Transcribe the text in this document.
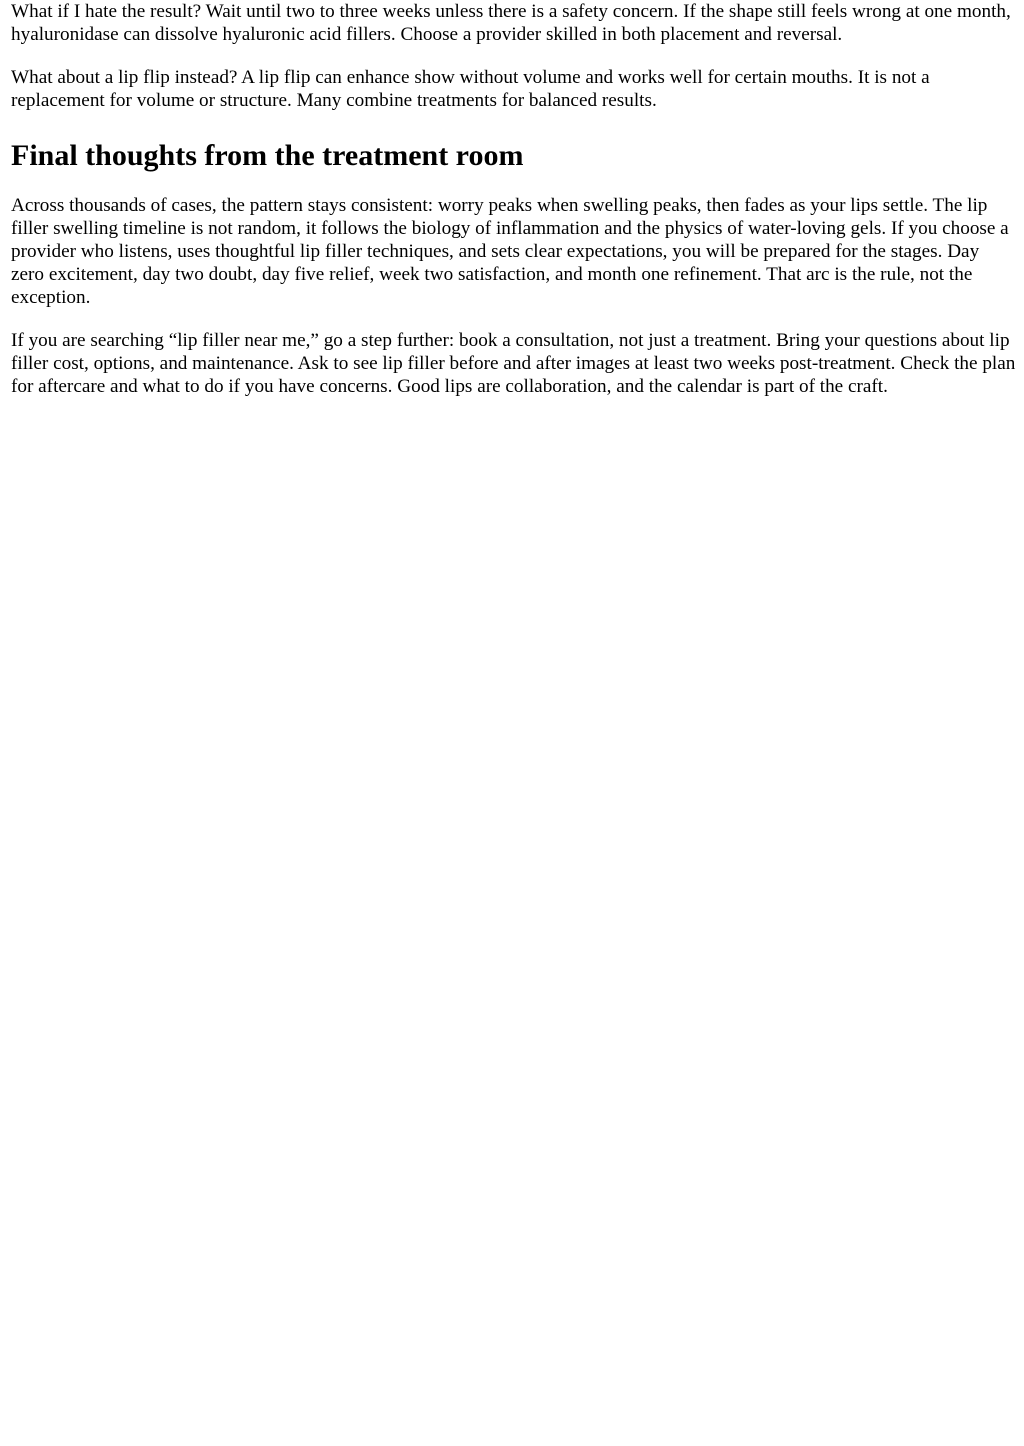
What if I hate the result? Wait until two to three weeks unless there is a safety concern. If the shape still feels wrong at one month, hyaluronidase can dissolve hyaluronic acid fillers. Choose a provider skilled in both placement and reversal.

What about a lip flip instead? A lip flip can enhance show without volume and works well for certain mouths. It is not a replacement for volume or structure. Many combine treatments for balanced results.

Final thoughts from the treatment room

Across thousands of cases, the pattern stays consistent: worry peaks when swelling peaks, then fades as your lips settle. The lip filler swelling timeline is not random, it follows the biology of inflammation and the physics of water-loving gels. If you choose a provider who listens, uses thoughtful lip filler techniques, and sets clear expectations, you will be prepared for the stages. Day zero excitement, day two doubt, day five relief, week two satisfaction, and month one refinement. That arc is the rule, not the exception.

If you are searching “lip filler near me,” go a step further: book a consultation, not just a treatment. Bring your questions about lip filler cost, options, and maintenance. Ask to see lip filler before and after images at least two weeks post-treatment. Check the plan for aftercare and what to do if you have concerns. Good lips are collaboration, and the calendar is part of the craft.
